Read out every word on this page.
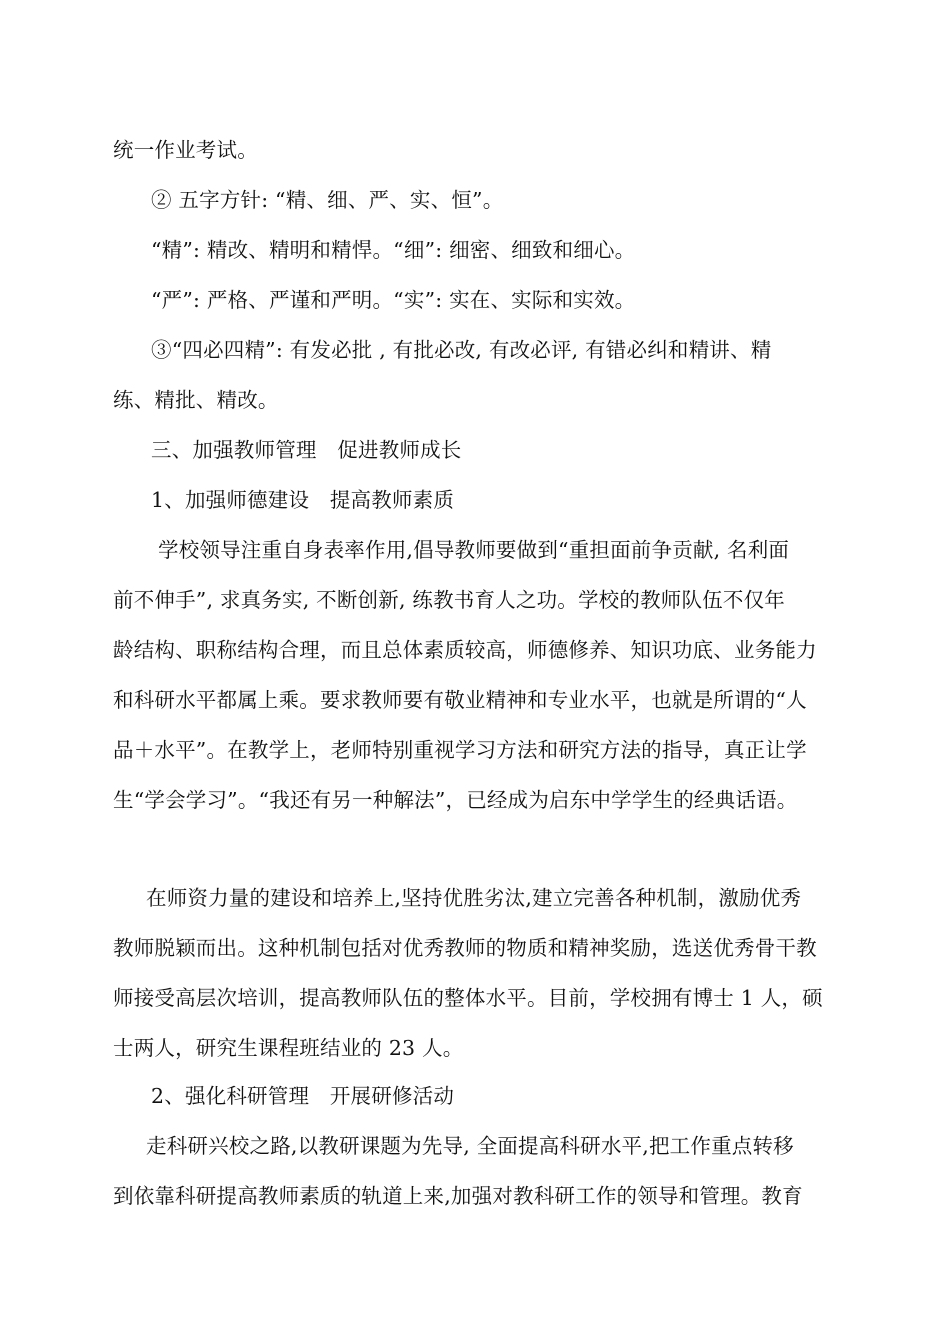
统一作业考试。
② 五字方针: “精、细、严、实、恒”。
“精”: 精改、精明和精悍。“细”: 细密、细致和细心。
“严”: 严格、严谨和严明。“实”: 实在、实际和实效。
③“四必四精”: 有发必批 , 有批必改, 有改必评, 有错必纠和精讲、精
练、精批、精改。
三、加强教师管理　促进教师成长
1、加强师德建设　提高教师素质
学校领导注重自身表率作用,倡导教师要做到“重担面前争贡献, 名利面
前不伸手”, 求真务实, 不断创新, 练教书育人之功。学校的教师队伍不仅年
龄结构、职称结构合理，而且总体素质较高，师德修养、知识功底、业务能力
和科研水平都属上乘。要求教师要有敬业精神和专业水平，也就是所谓的“人
品＋水平”。在教学上，老师特别重视学习方法和研究方法的指导，真正让学
生“学会学习”。“我还有另一种解法”，已经成为启东中学学生的经典话语。
在师资力量的建设和培养上,坚持优胜劣汰,建立完善各种机制，激励优秀
教师脱颖而出。这种机制包括对优秀教师的物质和精神奖励，选送优秀骨干教
师接受高层次培训，提高教师队伍的整体水平。目前，学校拥有博士 1 人，硕
士两人，研究生课程班结业的 23 人。
2、强化科研管理　开展研修活动
走科研兴校之路,以教研课题为先导, 全面提高科研水平,把工作重点转移
到依靠科研提高教师素质的轨道上来,加强对教科研工作的领导和管理。教育
